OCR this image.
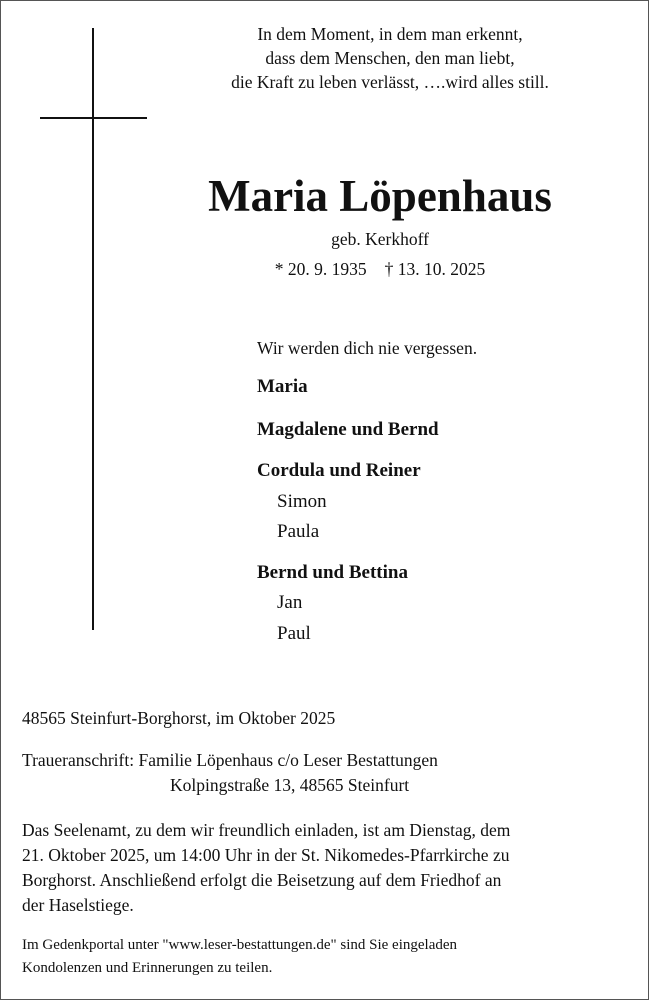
In dem Moment, in dem man erkennt,
dass dem Menschen, den man liebt,
die Kraft zu leben verlässt, ….wird alles still.
Maria Löpenhaus
geb. Kerkhoff
* 20. 9. 1935 † 13. 10. 2025
Wir werden dich nie vergessen.
Maria
Magdalene und Bernd
Cordula und Reiner
Simon
Paula
Bernd und Bettina
Jan
Paul
48565 Steinfurt-Borghorst, im Oktober 2025
Traueranschrift: Familie Löpenhaus c/o Leser Bestattungen
Kolpingstraße 13, 48565 Steinfurt
Das Seelenamt, zu dem wir freundlich einladen, ist am Dienstag, dem
21. Oktober 2025, um 14:00 Uhr in der St. Nikomedes-Pfarrkirche zu
Borghorst. Anschließend erfolgt die Beisetzung auf dem Friedhof an
der Haselstiege.
Im Gedenkportal unter "www.leser-bestattungen.de" sind Sie eingeladen
Kondolenzen und Erinnerungen zu teilen.
